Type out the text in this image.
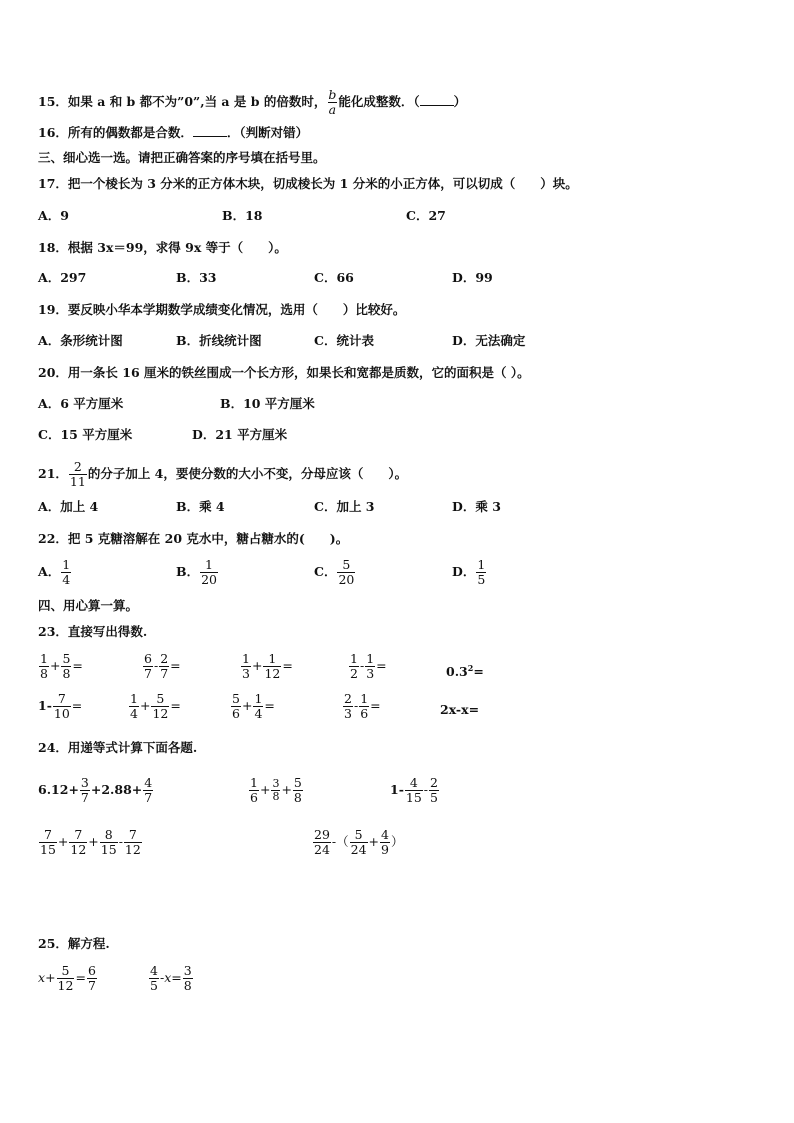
15．如果 a 和 b 都不为”0”,当 a 是 b 的倍数时， $\frac{b}{a}$ 能化成整数．（	）
16．所有的偶数都是合数．	．（判断对错）
三、细心选一选。请把正确答案的序号填在括号里。
17．把一个棱长为 3 分米的正方体木块，切成棱长为 1 分米的小正方体，可以切成（　　）块。
A．9	B．18	C．27
18．根据 3x＝99，求得 9x 等于（　　）。
A．297	B．33	C．66	D．99
19．要反映小华本学期数学成绩变化情况，选用（　　）比较好。
A．条形统计图	B．折线统计图	C．统计表	D．无法确定
20．用一条长 16 厘米的铁丝围成一个长方形，如果长和宽都是质数，它的面积是（ ）。
A．6 平方厘米	B．10 平方厘米
C．15 平方厘米	D．21 平方厘米
21． $\frac{2}{11}$ 的分子加上 4，要使分数的大小不变，分母应该（　　）。
A．加上 4	B．乘 4	C．加上 3	D．乘 3
22．把 5 克糖溶解在 20 克水中，糖占糖水的(　　)。
A． $\frac{1}{4}$	B． $\frac{1}{20}$	C． $\frac{5}{20}$	D． $\frac{1}{5}$
四、用心算一算。
23．直接写出得数.
$\frac{1}{8} + \frac{5}{8}$ =	$\frac{6}{7} - \frac{2}{7}$ =	$\frac{1}{3} + \frac{1}{12}$ =	$\frac{1}{2} - \frac{1}{3}$ =	$0.3^2=$
$1- \frac{7}{10}$ =	$\frac{1}{4} + \frac{5}{12}$ =	$\frac{5}{6} + \frac{1}{4}$ =	$\frac{2}{3} - \frac{1}{6}$ =	2x-x=
24．用递等式计算下面各题.
$6.12+ \frac{3}{7} +2.88+ \frac{4}{7}$	$\frac{1}{6} + \frac{3}{8} + \frac{5}{8}$	$1- \frac{4}{15} - \frac{2}{5}$
$\frac{7}{15} + \frac{7}{12} + \frac{8}{15} - \frac{7}{12}$	$\frac{29}{24}$ -（ $\frac{5}{24} + \frac{4}{9}$ ）
25．解方程.
$x+ \frac{5}{12} = \frac{6}{7}$	$\frac{4}{5} -x= \frac{3}{8}$
